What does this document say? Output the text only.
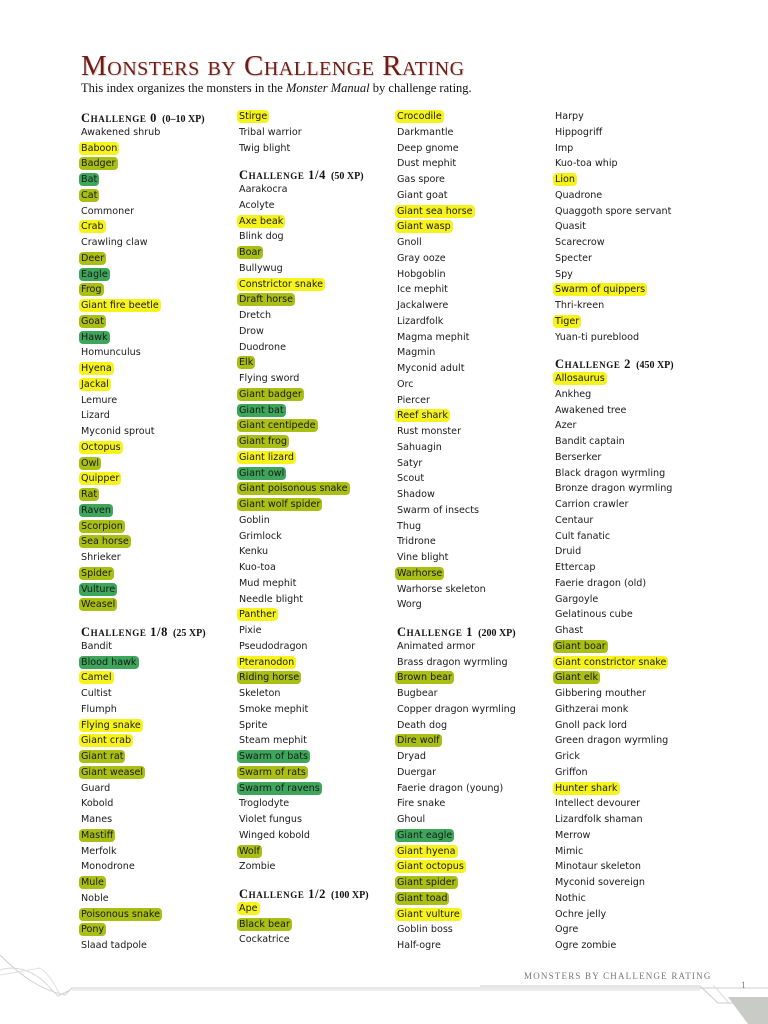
Monsters by Challenge Rating
This index organizes the monsters in the Monster Manual by challenge rating.
Challenge 0 (0–10 XP)
Awakened shrub
Baboon
Badger
Bat
Cat
Commoner
Crab
Crawling claw
Deer
Eagle
Frog
Giant fire beetle
Goat
Hawk
Homunculus
Hyena
Jackal
Lemure
Lizard
Myconid sprout
Octopus
Owl
Quipper
Rat
Raven
Scorpion
Sea horse
Shrieker
Spider
Vulture
Weasel
Challenge 1/8 (25 XP)
Bandit
Blood hawk
Camel
Cultist
Flumph
Flying snake
Giant crab
Giant rat
Giant weasel
Guard
Kobold
Manes
Mastiff
Merfolk
Monodrone
Mule
Noble
Poisonous snake
Pony
Slaad tadpole
Stirge
Tribal warrior
Twig blight
Challenge 1/4 (50 XP)
Aarakocra
Acolyte
Axe beak
Blink dog
Boar
Bullywug
Constrictor snake
Draft horse
Dretch
Drow
Duodrone
Elk
Flying sword
Giant badger
Giant bat
Giant centipede
Giant frog
Giant lizard
Giant owl
Giant poisonous snake
Giant wolf spider
Goblin
Grimlock
Kenku
Kuo-toa
Mud mephit
Needle blight
Panther
Pixie
Pseudodragon
Pteranodon
Riding horse
Skeleton
Smoke mephit
Sprite
Steam mephit
Swarm of bats
Swarm of rats
Swarm of ravens
Troglodyte
Violet fungus
Winged kobold
Wolf
Zombie
Challenge 1/2 (100 XP)
Ape
Black bear
Cockatrice
Crocodile
Darkmantle
Deep gnome
Dust mephit
Gas spore
Giant goat
Giant sea horse
Giant wasp
Gnoll
Gray ooze
Hobgoblin
Ice mephit
Jackalwere
Lizardfolk
Magma mephit
Magmin
Myconid adult
Orc
Piercer
Reef shark
Rust monster
Sahuagin
Satyr
Scout
Shadow
Swarm of insects
Thug
Tridrone
Vine blight
Warhorse
Warhorse skeleton
Worg
Challenge 1 (200 XP)
Animated armor
Brass dragon wyrmling
Brown bear
Bugbear
Copper dragon wyrmling
Death dog
Dire wolf
Dryad
Duergar
Faerie dragon (young)
Fire snake
Ghoul
Giant eagle
Giant hyena
Giant octopus
Giant spider
Giant toad
Giant vulture
Goblin boss
Half-ogre
Harpy
Hippogriff
Imp
Kuo-toa whip
Lion
Quadrone
Quaggoth spore servant
Quasit
Scarecrow
Specter
Spy
Swarm of quippers
Thri-kreen
Tiger
Yuan-ti pureblood
Challenge 2 (450 XP)
Allosaurus
Ankheg
Awakened tree
Azer
Bandit captain
Berserker
Black dragon wyrmling
Bronze dragon wyrmling
Carrion crawler
Centaur
Cult fanatic
Druid
Ettercap
Faerie dragon (old)
Gargoyle
Gelatinous cube
Ghast
Giant boar
Giant constrictor snake
Giant elk
Gibbering mouther
Githzerai monk
Gnoll pack lord
Green dragon wyrmling
Grick
Griffon
Hunter shark
Intellect devourer
Lizardfolk shaman
Merrow
Mimic
Minotaur skeleton
Myconid sovereign
Nothic
Ochre jelly
Ogre
Ogre zombie
MONSTERS BY CHALLENGE RATING
1
